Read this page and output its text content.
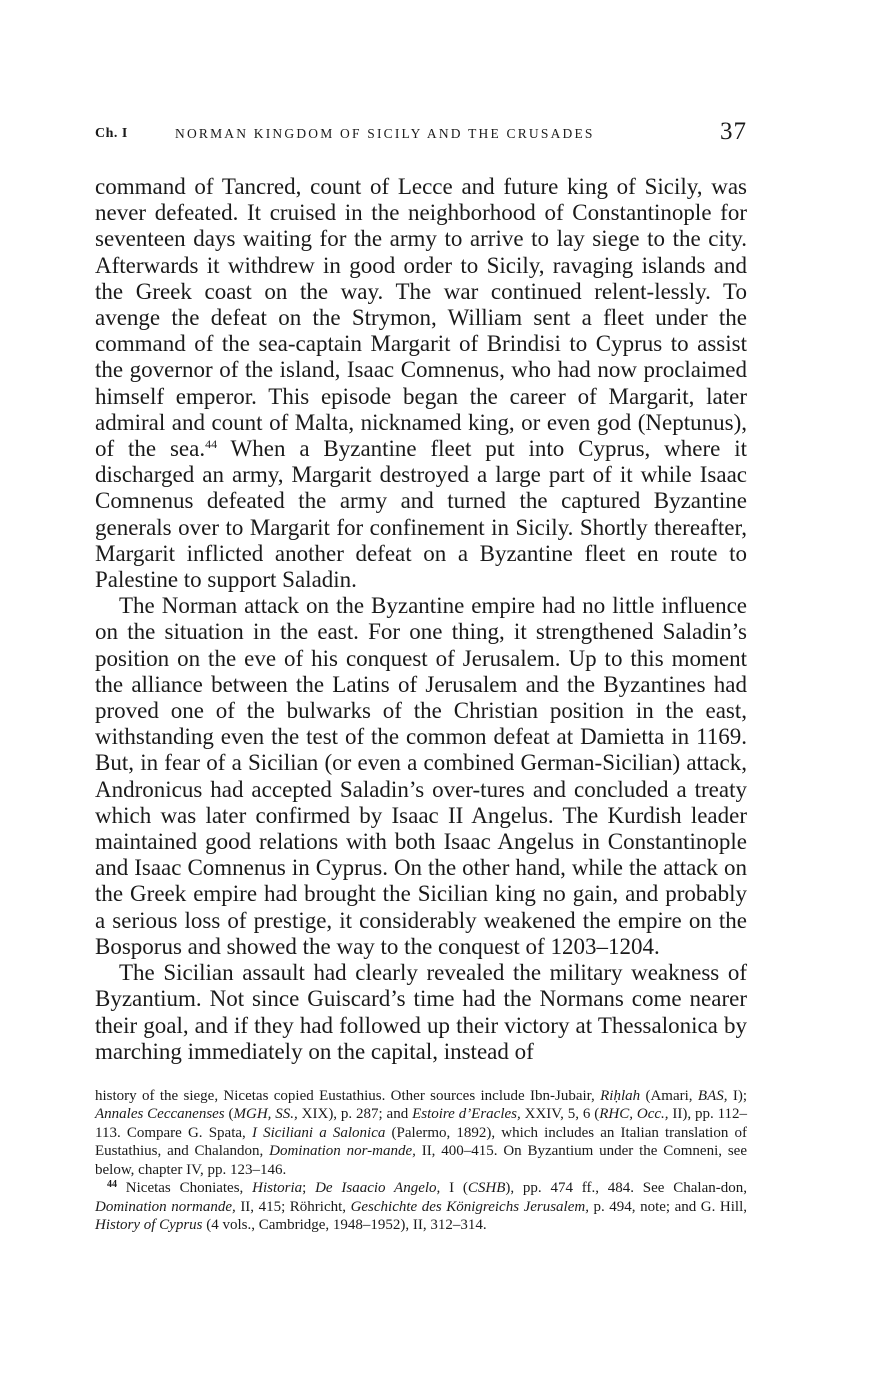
Ch. I	NORMAN KINGDOM OF SICILY AND THE CRUSADES	37

command of Tancred, count of Lecce and future king of Sicily, was never defeated. It cruised in the neighborhood of Constantinople for seventeen days waiting for the army to arrive to lay siege to the city. Afterwards it withdrew in good order to Sicily, ravaging islands and the Greek coast on the way. The war continued relent-lessly. To avenge the defeat on the Strymon, William sent a fleet under the command of the sea-captain Margarit of Brindisi to Cyprus to assist the governor of the island, Isaac Comnenus, who had now proclaimed himself emperor. This episode began the career of Margarit, later admiral and count of Malta, nicknamed king, or even god (Neptunus), of the sea.$^{44}$ When a Byzantine fleet put into Cyprus, where it discharged an army, Margarit destroyed a large part of it while Isaac Comnenus defeated the army and turned the captured Byzantine generals over to Margarit for confinement in Sicily. Shortly thereafter, Margarit inflicted another defeat on a Byzantine fleet en route to Palestine to support Saladin.

The Norman attack on the Byzantine empire had no little influence on the situation in the east. For one thing, it strengthened Saladin’s position on the eve of his conquest of Jerusalem. Up to this moment the alliance between the Latins of Jerusalem and the Byzantines had proved one of the bulwarks of the Christian position in the east, withstanding even the test of the common defeat at Damietta in 1169. But, in fear of a Sicilian (or even a combined German-Sicilian) attack, Andronicus had accepted Saladin’s over-tures and concluded a treaty which was later confirmed by Isaac II Angelus. The Kurdish leader maintained good relations with both Isaac Angelus in Constantinople and Isaac Comnenus in Cyprus. On the other hand, while the attack on the Greek empire had brought the Sicilian king no gain, and probably a serious loss of prestige, it considerably weakened the empire on the Bosporus and showed the way to the conquest of 1203–1204.

The Sicilian assault had clearly revealed the military weakness of Byzantium. Not since Guiscard’s time had the Normans come nearer their goal, and if they had followed up their victory at Thessalonica by marching immediately on the capital, instead of

history of the siege, Nicetas copied Eustathius. Other sources include Ibn-Jubair, Riḥlah (Amari, BAS, I); Annales Ceccanenses (MGH, SS., XIX), p. 287; and Estoire d’Eracles, XXIV, 5, 6 (RHC, Occ., II), pp. 112–113. Compare G. Spata, I Siciliani a Salonica (Palermo, 1892), which includes an Italian translation of Eustathius, and Chalandon, Domination nor-mande, II, 400–415. On Byzantium under the Comneni, see below, chapter IV, pp. 123–146.

$^{44}$ Nicetas Choniates, Historia; De Isaacio Angelo, I (CSHB), pp. 474 ff., 484. See Chalan-don, Domination normande, II, 415; Röhricht, Geschichte des Königreichs Jerusalem, p. 494, note; and G. Hill, History of Cyprus (4 vols., Cambridge, 1948–1952), II, 312–314.
